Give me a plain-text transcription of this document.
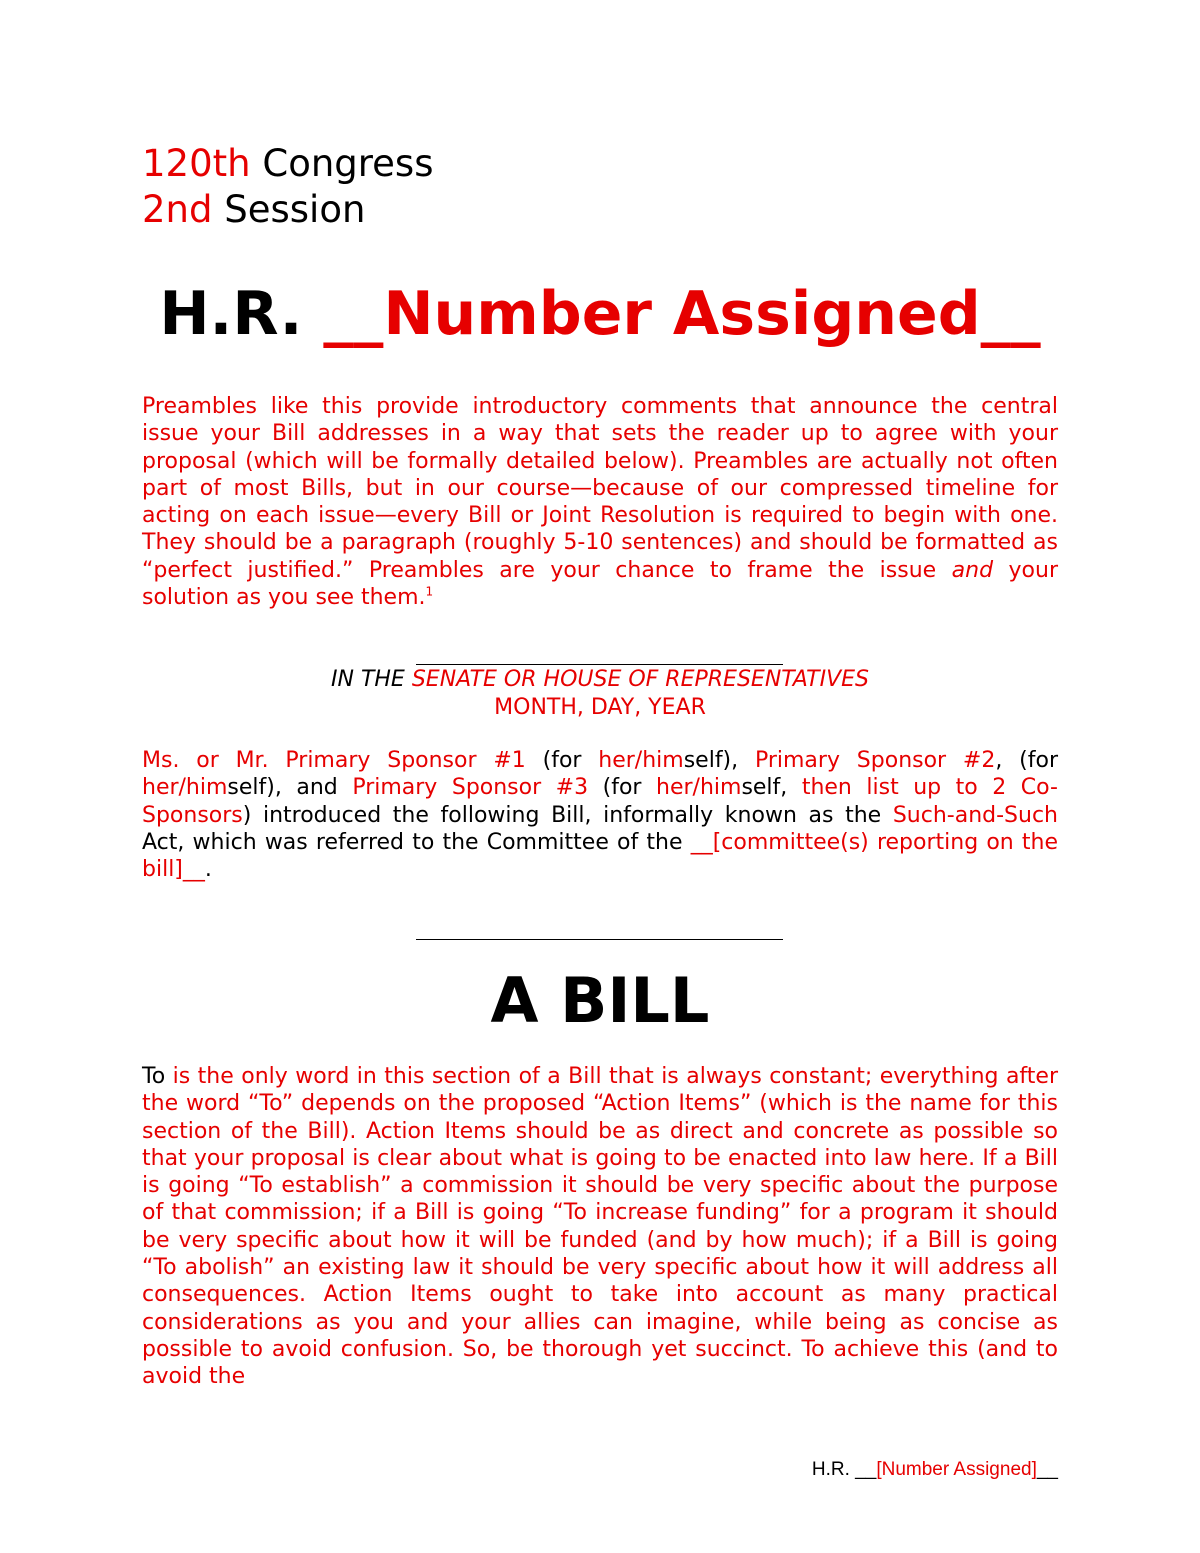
120th Congress
2nd Session
H.R. __Number Assigned__
Preambles like this provide introductory comments that announce the central issue your Bill addresses in a way that sets the reader up to agree with your proposal (which will be formally detailed below). Preambles are actually not often part of most Bills, but in our course—because of our compressed timeline for acting on each issue—every Bill or Joint Resolution is required to begin with one. They should be a paragraph (roughly 5-10 sentences) and should be formatted as “perfect justified.” Preambles are your chance to frame the issue and your solution as you see them.$^1$
IN THE SENATE OR HOUSE OF REPRESENTATIVES
MONTH, DAY, YEAR
Ms. or Mr. Primary Sponsor #1 (for her/himself), Primary Sponsor #2, (for her/himself), and Primary Sponsor #3 (for her/himself, then list up to 2 Co-Sponsors) introduced the following Bill, informally known as the Such-and-Such Act, which was referred to the Committee of the __[committee(s) reporting on the bill]__.
A BILL
To is the only word in this section of a Bill that is always constant; everything after the word “To” depends on the proposed “Action Items” (which is the name for this section of the Bill). Action Items should be as direct and concrete as possible so that your proposal is clear about what is going to be enacted into law here. If a Bill is going “To establish” a commission it should be very specific about the purpose of that commission; if a Bill is going “To increase funding” for a program it should be very specific about how it will be funded (and by how much); if a Bill is going “To abolish” an existing law it should be very specific about how it will address all consequences. Action Items ought to take into account as many practical considerations as you and your allies can imagine, while being as concise as possible to avoid confusion. So, be thorough yet succinct. To achieve this (and to avoid the
H.R. __[Number Assigned]__
